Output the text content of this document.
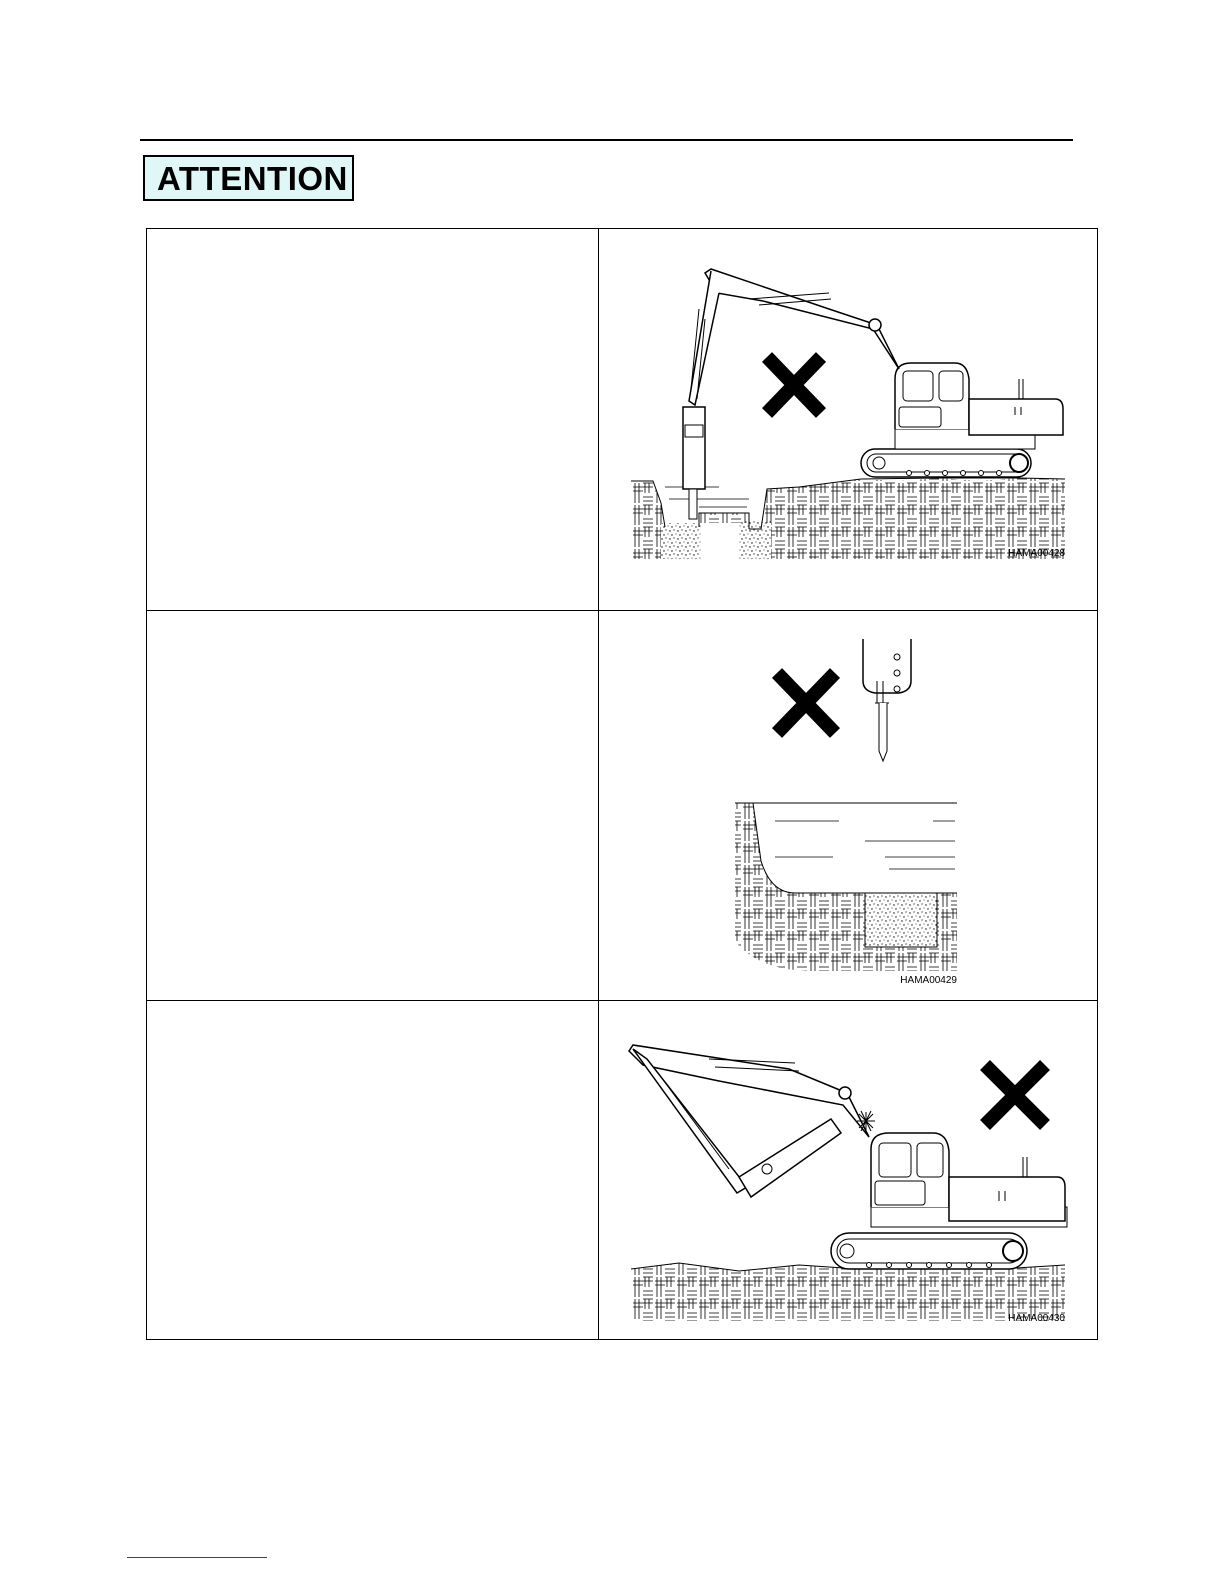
ATTENTION

HAMA00428

HAMA00429

HAMA00430
